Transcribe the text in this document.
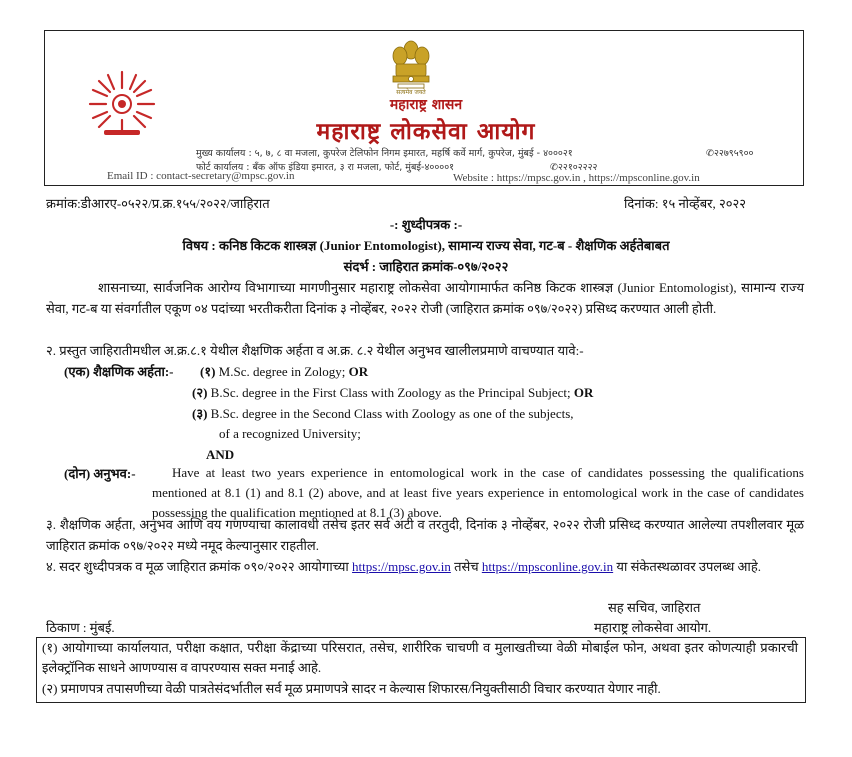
सत्यमेव जयते
महाराष्ट्र शासन
महाराष्ट्र लोकसेवा आयोग
मुख्य कार्यालय : ५, ७, ८ वा मजला, कुपरेज टेलिफोन निगम इमारत, महर्षि कर्वे मार्ग, कुपरेज, मुंबई - ४०००२१	✆२२७९५९००
फोर्ट कार्यालय : बँक ऑफ इंडिया इमारत, ३ रा मजला, फोर्ट, मुंबई-४००००१	✆२२१०२२२२
Email ID : contact-secretary@mpsc.gov.in	Website : https://mpsc.gov.in , https://mpsconline.gov.in
क्रमांक:डीआरए-०५२२/प्र.क्र.१५५/२०२२/जाहिरात	दिनांक: १५ नोव्हेंबर, २०२२
-: शुध्दीपत्रक :-
विषय : कनिष्ठ किटक शास्त्रज्ञ (Junior Entomologist), सामान्य राज्य सेवा, गट-ब - शैक्षणिक अर्हतेबाबत
संदर्भ : जाहिरात क्रमांक-०९७/२०२२
शासनाच्या, सार्वजनिक आरोग्य विभागाच्या मागणीनुसार महाराष्ट्र लोकसेवा आयोगामार्फत कनिष्ठ किटक शास्त्रज्ञ (Junior Entomologist), सामान्य राज्य सेवा, गट-ब या संवर्गातील एकूण ०४ पदांच्या भरतीकरीता दिनांक ३ नोव्हेंबर, २०२२ रोजी (जाहिरात क्रमांक ०९७/२०२२) प्रसिध्द करण्यात आली होती.
२. प्रस्तुत जाहिरातीमधील अ.क्र.८.१ येथील शैक्षणिक अर्हता व अ.क्र. ८.२ येथील अनुभव खालीलप्रमाणे वाचण्यात यावे:-
(एक) शैक्षणिक अर्हता:- (१) M.Sc. degree in Zology; OR
(२) B.Sc. degree in the First Class with Zoology as the Principal Subject; OR
(३) B.Sc. degree in the Second Class with Zoology as one of the subjects,
of a recognized University;
AND
(दोन) अनुभव:-	Have at least two years experience in entomological work in the case of candidates possessing the qualifications mentioned at 8.1 (1) and 8.1 (2) above, and at least five years experience in entomological work in the case of candidates possessing the qualification mentioned at 8.1 (3) above.
३. शैक्षणिक अर्हता, अनुभव आणि वय गणण्याचा कालावधी तसेच इतर सर्व अटी व तरतुदी, दिनांक ३ नोव्हेंबर, २०२२ रोजी प्रसिध्द करण्यात आलेल्या तपशीलवार मूळ जाहिरात क्रमांक ०९७/२०२२ मध्ये नमूद केल्यानुसार राहतील.
४. सदर शुध्दीपत्रक व मूळ जाहिरात क्रमांक ०९०/२०२२ आयोगाच्या https://mpsc.gov.in तसेच https://mpsconline.gov.in या संकेतस्थळावर उपलब्ध आहे.
सह सचिव, जाहिरात
ठिकाण : मुंबई.	महाराष्ट्र लोकसेवा आयोग.
(१) आयोगाच्या कार्यालयात, परीक्षा कक्षात, परीक्षा केंद्राच्या परिसरात, तसेच, शारीरिक चाचणी व मुलाखतीच्या वेळी मोबाईल फोन, अथवा इतर कोणत्याही प्रकारची इलेक्ट्रॉनिक साधने आणण्यास व वापरण्यास सक्त मनाई आहे.
(२) प्रमाणपत्र तपासणीच्या वेळी पात्रतेसंदर्भातील सर्व मूळ प्रमाणपत्रे सादर न केल्यास शिफारस/नियुक्तीसाठी विचार करण्यात येणार नाही.
